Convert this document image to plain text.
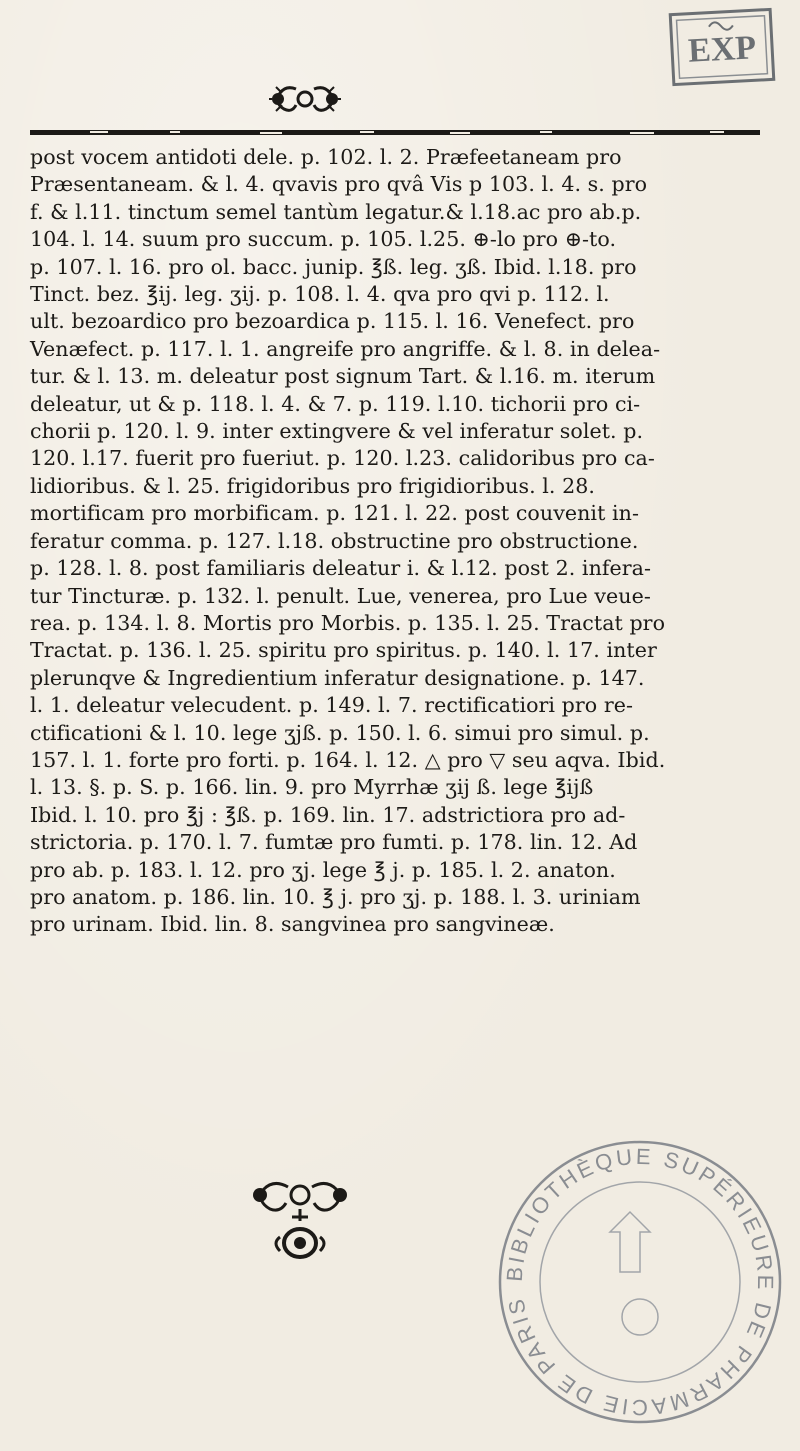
EXP

post vocem antidoti dele. p. 102. l. 2. Præfeetaneam pro

Præsentaneam. & l. 4. qvavis pro qvâ Vis p 103. l. 4. s. pro

f. & l.11. tinctum semel tantùm legatur.& l.18.ac pro ab.p.

104. l. 14. suum pro succum. p. 105. l.25. ⊕-lo pro ⊕-to.

p. 107. l. 16. pro ol. bacc. junip. ℥ß. leg. ʒß. Ibid. l.18. pro

Tinct. bez. ℥ij. leg. ʒij. p. 108. l. 4. qva pro qvi p. 112. l.

ult. bezoardico pro bezoardica p. 115. l. 16. Venefect. pro

Venæfect. p. 117. l. 1. angreife pro angriffe. & l. 8. in delea-

tur. & l. 13. m. deleatur post signum Tart. & l.16. m. iterum

deleatur, ut & p. 118. l. 4. & 7. p. 119. l.10. tichorii pro ci-

chorii p. 120. l. 9. inter extingvere & vel inferatur solet. p.

120. l.17. fuerit pro fueriut. p. 120. l.23. calidoribus pro ca-

lidioribus. & l. 25. frigidoribus pro frigidioribus. l. 28.

mortificam pro morbificam. p. 121. l. 22. post couvenit in-

feratur comma. p. 127. l.18. obstructine pro obstructione.

p. 128. l. 8. post familiaris deleatur i. & l.12. post 2. infera-

tur Tincturæ. p. 132. l. penult. Lue, venerea, pro Lue veue-

rea. p. 134. l. 8. Mortis pro Morbis. p. 135. l. 25. Tractat pro

Tractat. p. 136. l. 25. spiritu pro spiritus. p. 140. l. 17. inter

plerunqve & Ingredientium inferatur designatione. p. 147.

l. 1. deleatur velecudent. p. 149. l. 7. rectificatiori pro re-

ctificationi & l. 10. lege ʒjß. p. 150. l. 6. simui pro simul. p.

157. l. 1. forte pro forti. p. 164. l. 12. △ pro ▽ seu aqva. Ibid.

l. 13. §. p. S. p. 166. lin. 9. pro Myrrhæ ʒij ß. lege ℥ijß

Ibid. l. 10. pro ℥j : ℥ß. p. 169. lin. 17. adstrictiora pro ad-

strictoria. p. 170. l. 7. fumtæ pro fumti. p. 178. lin. 12. Ad

pro ab. p. 183. l. 12. pro ʒj. lege ℥ j. p. 185. l. 2. anaton.

pro anatom. p. 186. lin. 10. ℥ j. pro ʒj. p. 188. l. 3. uriniam

pro urinam. Ibid. lin. 8. sangvinea pro sangvineæ.

BIBLIOTHÈQUE SUPÉRIEURE DE PHARMACIE DE PARIS
